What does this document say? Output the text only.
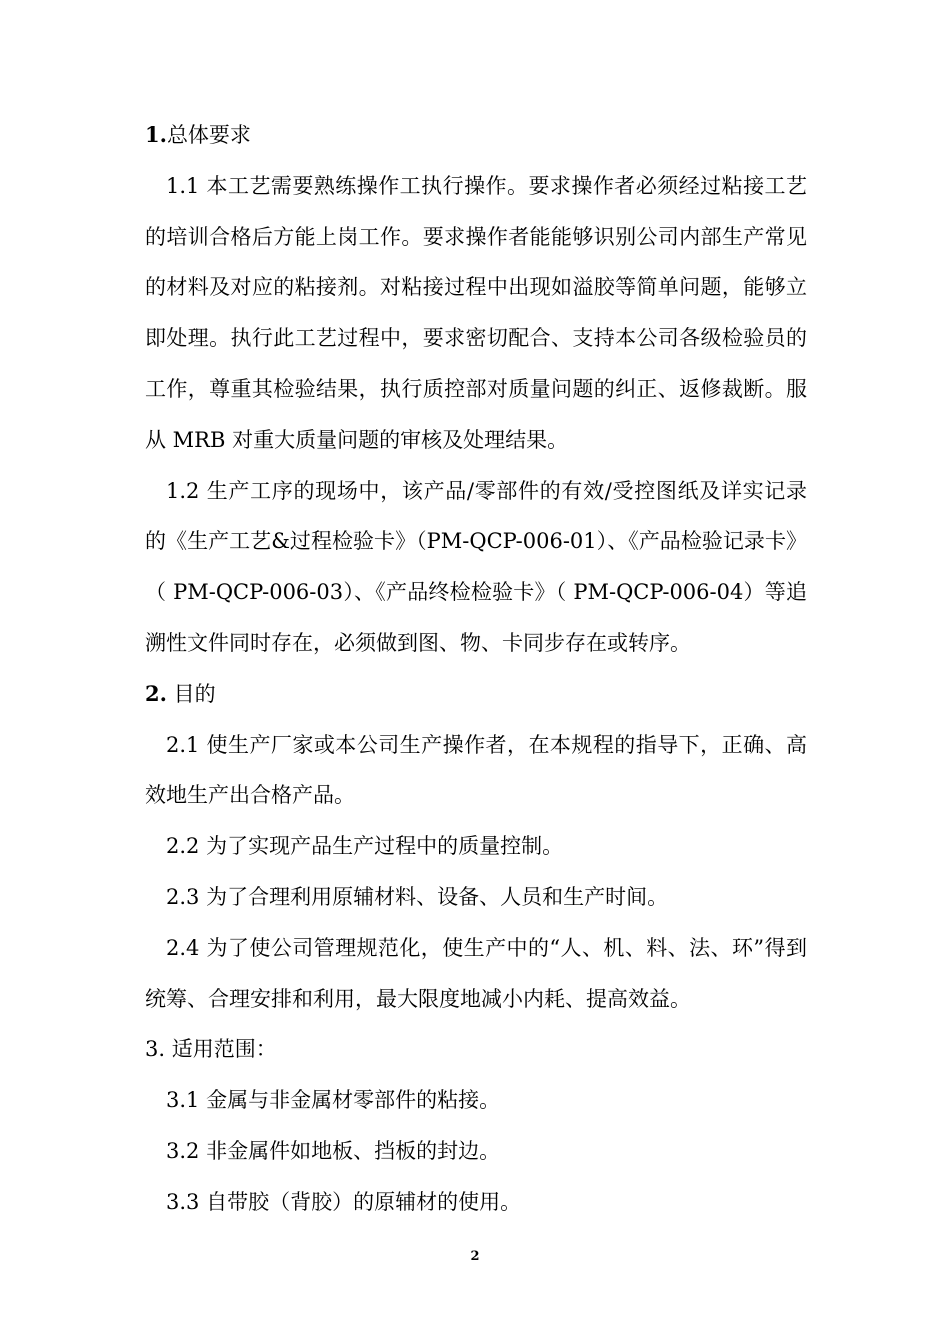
1.总体要求

1.1 本工艺需要熟练操作工执行操作。要求操作者必须经过粘接工艺的培训合格后方能上岗工作。要求操作者能能够识别公司内部生产常见的材料及对应的粘接剂。对粘接过程中出现如溢胶等简单问题，能够立即处理。执行此工艺过程中，要求密切配合、支持本公司各级检验员的工作，尊重其检验结果，执行质控部对质量问题的纠正、返修裁断。服从 MRB 对重大质量问题的审核及处理结果。

1.2 生产工序的现场中，该产品/零部件的有效/受控图纸及详实记录的《生产工艺&过程检验卡》（PM-QCP-006-01）、《产品检验记录卡》（ PM-QCP-006-03）、《产品终检检验卡》（ PM-QCP-006-04）等追溯性文件同时存在，必须做到图、物、卡同步存在或转序。

2. 目的

2.1 使生产厂家或本公司生产操作者，在本规程的指导下，正确、高效地生产出合格产品。

2.2 为了实现产品生产过程中的质量控制。

2.3 为了合理利用原辅材料、设备、人员和生产时间。

2.4 为了使公司管理规范化，使生产中的“人、机、料、法、环”得到统筹、合理安排和利用，最大限度地减小内耗、提高效益。

3. 适用范围：

3.1 金属与非金属材零部件的粘接。

3.2 非金属件如地板、挡板的封边。

3.3 自带胶（背胶）的原辅材的使用。

2
